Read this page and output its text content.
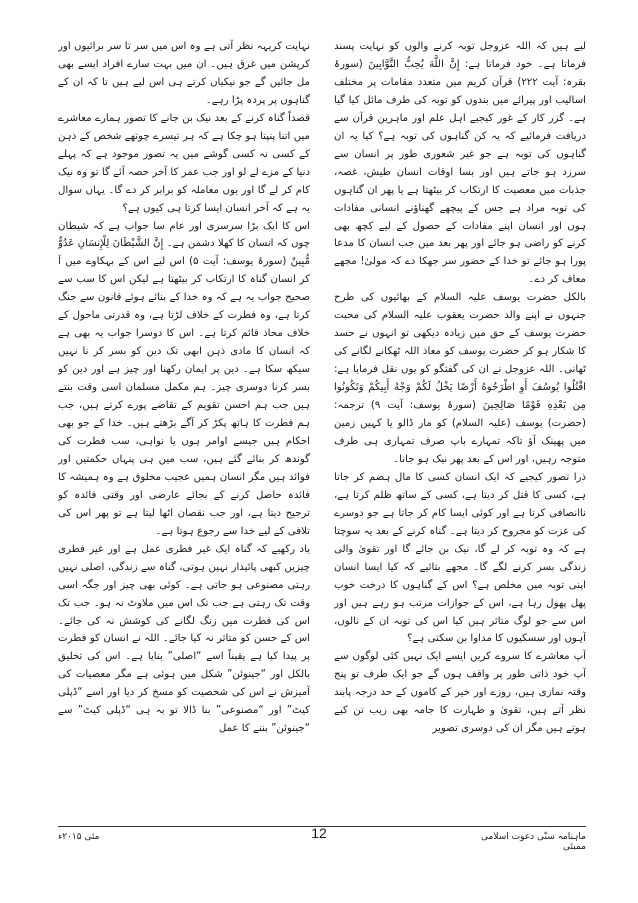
لیے ہیں کہ اللہ عزوجل توبہ کرنے والوں کو نہایت پسند فرماتا ہے۔ خود فرماتا ہے: إِنَّ اللَّهَ يُحِبُّ التَّوَّابِينَ (سورۂ بقرہ: آیت ۲۲۲) قرآن کریم میں متعدد مقامات پر مختلف اسالیب اور پیرائے میں بندوں کو توبہ کی طرف مائل کیا گیا ہے۔ گزر کار کے غور کیجیے اہل علم اور ماہرین قرآن سے دریافت فرمائیے کہ یہ کن گناہوں کی توبہ ہے؟ کیا یہ ان گناہوں کی توبہ ہے جو غیر شعوری طور پر انسان سے سرزد ہو جاتے ہیں اور بسا اوقات انسان طیش، غصہ، جذبات میں معصیت کا ارتکاب کر بیٹھتا ہے یا پھر ان گناہوں کی توبہ مراد ہے جس کے پیچھے گھناؤنے انسانی مفادات ہوں اور انسان اپنے مفادات کے حصول کے لیے کچھ بھی کرنے کو راضی ہو جائے اور پھر بعد میں جب انسان کا مدعا پورا ہو جائے تو خدا کے حضور سر جھکا دے کہ مولیٰ! مجھے معاف کر دے۔

بالکل حضرت یوسف علیہ السلام کے بھائیوں کی طرح جنہوں نے اپنے والد حضرت یعقوب علیہ السلام کی محبت حضرت یوسف کے حق میں زیادہ دیکھی تو انہوں نے حسد کا شکار ہو کر حضرت یوسف کو معاذ اللہ ٹھکانے لگانے کی ٹھانی۔ اللہ عزوجل نے ان کی گفتگو کو یوں نقل فرمایا ہے: اقْتُلُوا يُوسُفَ أَوِ اطْرَحُوهُ أَرْضًا يَخْلُ لَكُمْ وَجْهُ أَبِيكُمْ وَتَكُونُوا مِن بَعْدِهِ قَوْمًا صَالِحِينَ (سورۂ یوسف: آیت ۹) ترجمہ: (حضرت) یوسف (علیہ السلام) کو مار ڈالو یا کہیں زمین میں پھینک آؤ تاکہ تمہارے باپ صرف تمہاری ہی طرف متوجہ رہیں، اور اس کے بعد پھر نیک ہو جانا۔

ذرا تصور کیجیے کہ ایک انسان کسی کا مال ہضم کر جاتا ہے، کسی کا قتل کر دیتا ہے، کسی کے ساتھ ظلم کرتا ہے، ناانصافی کرتا ہے اور کوئی ایسا کام کر جاتا ہے جو دوسرے کی عزت کو مجروح کر دیتا ہے۔ گناہ کرنے کے بعد یہ سوچتا ہے کہ وہ توبہ کر لے گا، نیک بن جائے گا اور تقویٰ والی زندگی بسر کرنے لگے گا۔ مجھے بتائیے کہ کیا ایسا انسان اپنی توبہ میں مخلص ہے؟ اس کے گناہوں کا درخت خوب پھل پھول رہا ہے، اس کے جوازات مرتب ہو رہے ہیں اور اس سے جو لوگ متاثر ہیں کیا اس کی توبہ ان کے نالوں، آہوں اور سسکیوں کا مداوا بن سکتی ہے؟

آپ معاشرے کا سروے کریں ایسے ایک نہیں کئی لوگوں سے آپ خود ذاتی طور پر واقف ہوں گے جو ایک طرف تو پنج وقتہ نمازی ہیں، روزے اور خیر کے کاموں کے حد درجہ پابند نظر آتے ہیں، تقویٰ و طہارت کا جامہ بھی زیب تن کیے ہوتے ہیں مگر ان کی دوسری تصویر

نہایت کریہہ نظر آتی ہے وہ اس میں سر تا سر برائیوں اور کرپشن میں غرق ہیں۔ ان میں بہت سارے افراد ایسے بھی مل جائیں گے جو نیکیاں کرتے ہی اس لیے ہیں تا کہ ان کے گناہوں پر پردہ پڑا رہے۔

قصداً گناہ کرنے کے بعد نیک بن جانے کا تصور ہمارے معاشرے میں اتنا پنپتا ہو چکا ہے کہ ہر تیسرے چوتھے شخص کے ذہن کے کسی نہ کسی گوشے میں یہ تصور موجود ہے کہ پہلے دنیا کے مزے لے لو اور جب عمر کا آخر حصہ آئے گا تو وہ نیک کام کر لے گا اور یوں معاملہ کو برابر کر دے گا۔ یہاں سوال یہ ہے کہ آخر انسان ایسا کرتا ہی کیوں ہے؟

اس کا ایک بڑا سرسری اور عام سا جواب ہے کہ شیطان چوں کہ انسان کا کھلا دشمن ہے۔ إِنَّ الشَّيْطَانَ لِلْإِنسَانِ عَدُوٌّ مُّبِينٌ (سورۂ یوسف: آیت ۵) اس لیے اس کے بہکاوے میں آ کر انسان گناہ کا ارتکاب کر بیٹھتا ہے لیکن اس کا سب سے صحیح جواب یہ ہے کہ وہ خدا کے بنائے ہوئے قانون سے جنگ کرتا ہے، وہ فطرت کے خلاف لڑتا ہے، وہ قدرتی ماحول کے خلاف محاذ قائم کرتا ہے۔ اس کا دوسرا جواب یہ بھی ہے کہ انسان کا مادی ذہن ابھی تک دین کو بسر کر نا نہیں سیکھ سکا ہے۔ دین پر ایمان رکھنا اور چیز ہے اور دین کو بسر کرنا دوسری چیز۔ ہم مکمل مسلمان اسی وقت بنتے ہیں جب ہم احسن تقویم کے تقاضے پورے کرتے ہیں، جب ہم فطرت کا ہاتھ پکڑ کر آگے بڑھتے ہیں۔ خدا کے جو بھی احکام ہیں جیسے اوامر ہوں یا نواہی، سب فطرت کی گوندھ کر بنائے گئے ہیں، سب میں ہی پنہاں حکمتیں اور فوائد ہیں مگر انسان ہمیں عجیب مخلوق ہے وہ ہمیشہ کا فائدہ حاصل کرنے کے بجائے عارضی اور وقتی فائدہ کو ترجیح دیتا ہے، اور جب نقصان اٹھا لیتا ہے تو پھر اس کی تلافی کے لیے خدا سے رجوع ہوتا ہے۔

یاد رکھیے کہ گناہ ایک غیر فطری عمل ہے اور غیر فطری چیزیں کبھی پائیدار نہیں ہوتی، گناہ سے زندگی، اصلی نہیں رہتی مصنوعی ہو جاتی ہے۔ کوئی بھی چیز اور جگہ اسی وقت تک رہتی ہے جب تک اس میں ملاوٹ نہ ہو۔ جب تک اس کی فطرت میں زنگ لگانے کی کوشش نہ کی جائے۔ اس کے حسن کو متاثر نہ کیا جائے۔ اللہ نے انسان کو فطرت پر پیدا کیا ہے یقیناً اسے “اصلی” بنایا ہے۔ اس کی تخلیق بالکل اور “جینوئن” شکل میں ہوئی ہے مگر معصیات کی آمیزش نے اس کی شخصیت کو مسخ کر دیا اور اسے “ڈپلی کیٹ” اور “مصنوعی” بنا ڈالا تو بہ ہی “ڈپلی کیٹ” سے “جینوئن” بننے کا عمل

ماہنامہ سنّی دعوت اسلامی ممبئی
12
مئی ۲۰۱۵ء
